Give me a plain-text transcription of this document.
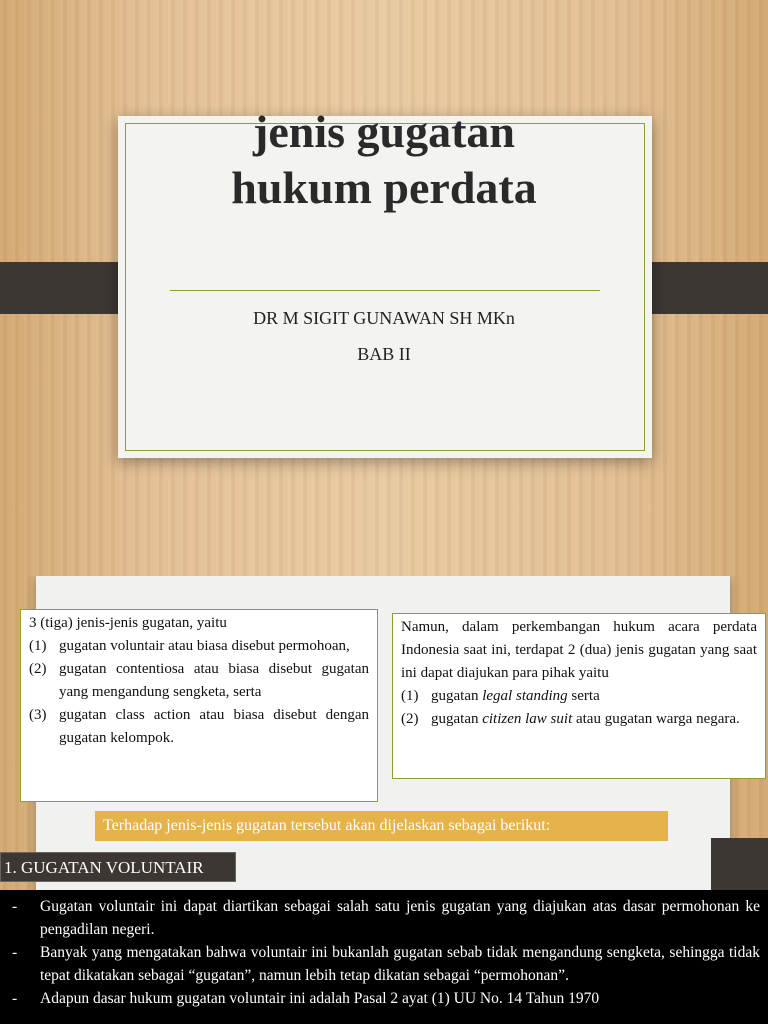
jenis gugatan
hukum perdata
DR M SIGIT GUNAWAN SH MKn
BAB II
3 (tiga) jenis-jenis gugatan, yaitu
(1) gugatan voluntair atau biasa disebut permohoan,
(2) gugatan contentiosa atau biasa disebut gugatan yang mengandung sengketa, serta
(3) gugatan class action atau biasa disebut dengan gugatan kelompok.
Namun, dalam perkembangan hukum acara perdata Indonesia saat ini, terdapat 2 (dua) jenis gugatan yang saat ini dapat diajukan para pihak yaitu
(1) gugatan legal standing serta
(2) gugatan citizen law suit atau gugatan warga negara.
Terhadap jenis-jenis gugatan tersebut akan dijelaskan sebagai berikut:
1. GUGATAN VOLUNTAIR
-	Gugatan voluntair ini dapat diartikan sebagai salah satu jenis gugatan yang diajukan atas dasar permohonan ke pengadilan negeri.
-	Banyak yang mengatakan bahwa voluntair ini bukanlah gugatan sebab tidak mengandung sengketa, sehingga tidak tepat dikatakan sebagai “gugatan”, namun lebih tetap dikatan sebagai “permohonan”.
-	Adapun dasar hukum gugatan voluntair ini adalah Pasal 2 ayat (1) UU No. 14 Tahun 1970
